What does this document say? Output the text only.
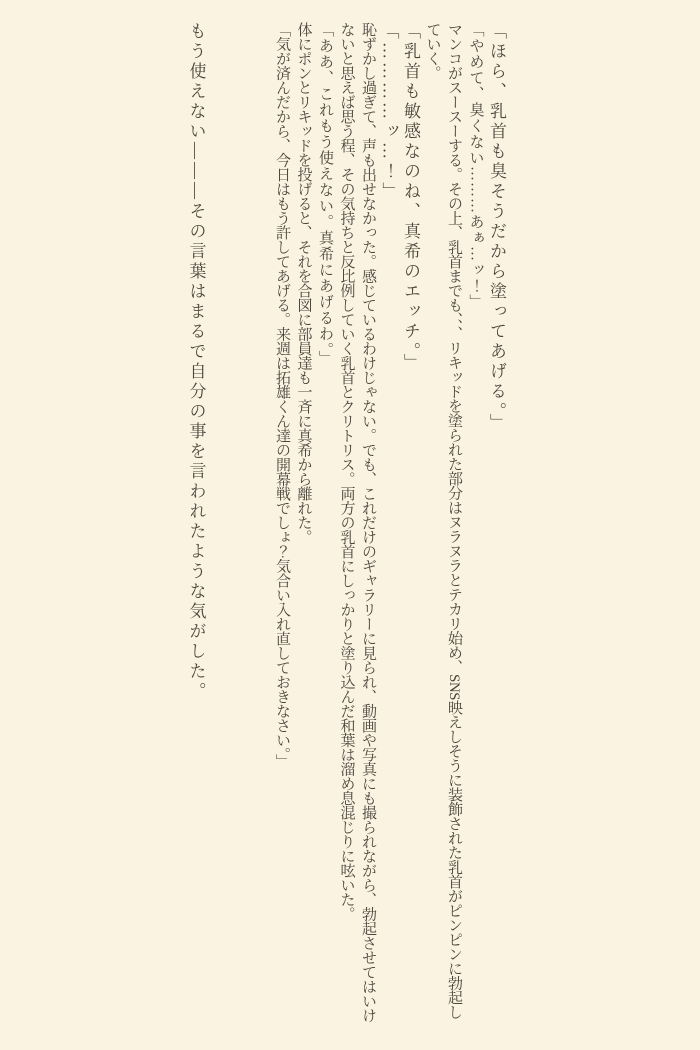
「ほら、乳首も臭そうだから塗ってあげる。」

「やめて、臭くない………あぁ…ッ！」

マンコがスースーする。その上、乳首までも、、、リキッドを塗られた部分はヌラヌラとテカリ始め、SNS映えしそうに装飾された乳首がピンピンに勃起していく。

「乳首も敏感なのね、真希のエッチ。」

「…………ッ…！」

恥ずかし過ぎて、声も出せなかった。感じているわけじゃない。でも、これだけのギャラリーに見られ、動画や写真にも撮られながら、勃起させてはいけないと思えば思う程、その気持ちと反比例していく乳首とクリトリス。両方の乳首にしっかりと塗り込んだ和葉は溜め息混じりに呟いた。

「ああ、これもう使えない。真希にあげるわ。」

体にポンとリキッドを投げると、それを合図に部員達も一斉に真希から離れた。

「気が済んだから、今日はもう許してあげる。来週は拓雄くん達の開幕戦でしょ？気合い入れ直しておきなさい。」

もう使えない―――その言葉はまるで自分の事を言われたような気がした。
